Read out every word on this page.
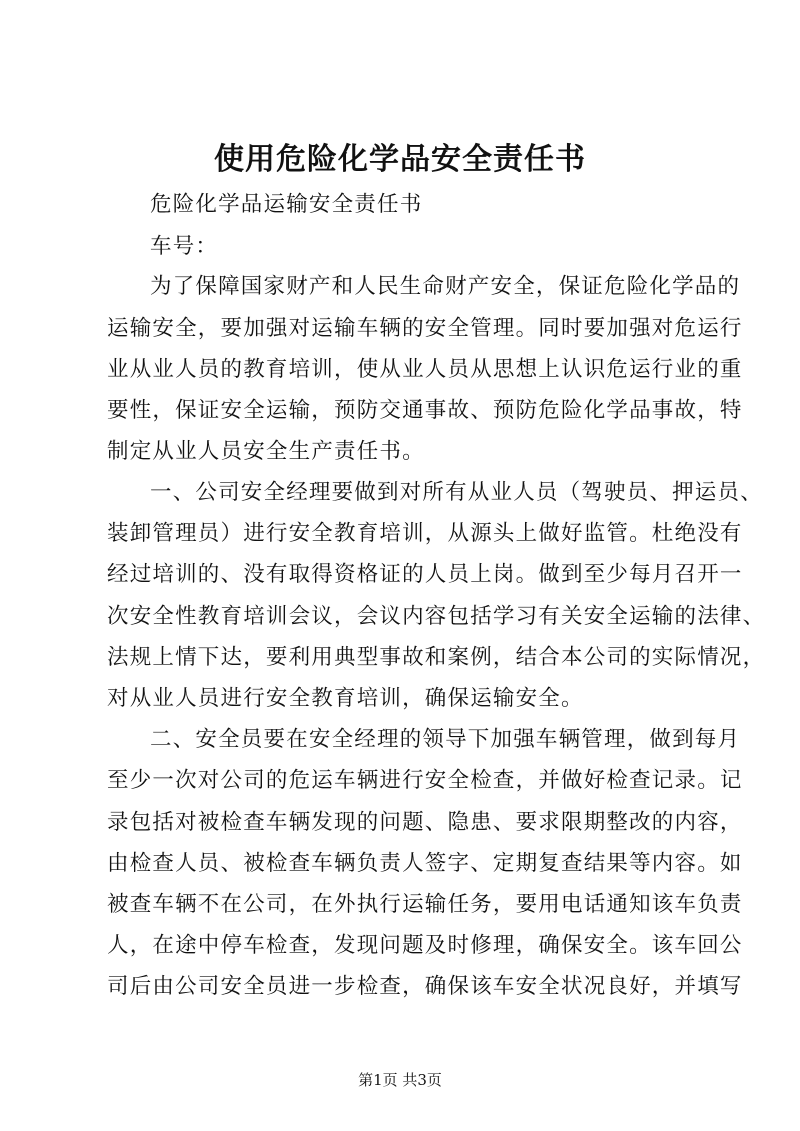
使用危险化学品安全责任书
危险化学品运输安全责任书
车号：
为了保障国家财产和人民生命财产安全，保证危险化学品的
运输安全，要加强对运输车辆的安全管理。同时要加强对危运行
业从业人员的教育培训，使从业人员从思想上认识危运行业的重
要性，保证安全运输，预防交通事故、预防危险化学品事故，特
制定从业人员安全生产责任书。
一、公司安全经理要做到对所有从业人员（驾驶员、押运员、
装卸管理员）进行安全教育培训，从源头上做好监管。杜绝没有
经过培训的、没有取得资格证的人员上岗。做到至少每月召开一
次安全性教育培训会议，会议内容包括学习有关安全运输的法律、
法规上情下达，要利用典型事故和案例，结合本公司的实际情况，
对从业人员进行安全教育培训，确保运输安全。
二、安全员要在安全经理的领导下加强车辆管理，做到每月
至少一次对公司的危运车辆进行安全检查，并做好检查记录。记
录包括对被检查车辆发现的问题、隐患、要求限期整改的内容，
由检查人员、被检查车辆负责人签字、定期复查结果等内容。如
被查车辆不在公司，在外执行运输任务，要用电话通知该车负责
人，在途中停车检查，发现问题及时修理，确保安全。该车回公
司后由公司安全员进一步检查，确保该车安全状况良好，并填写
第1页 共3页
